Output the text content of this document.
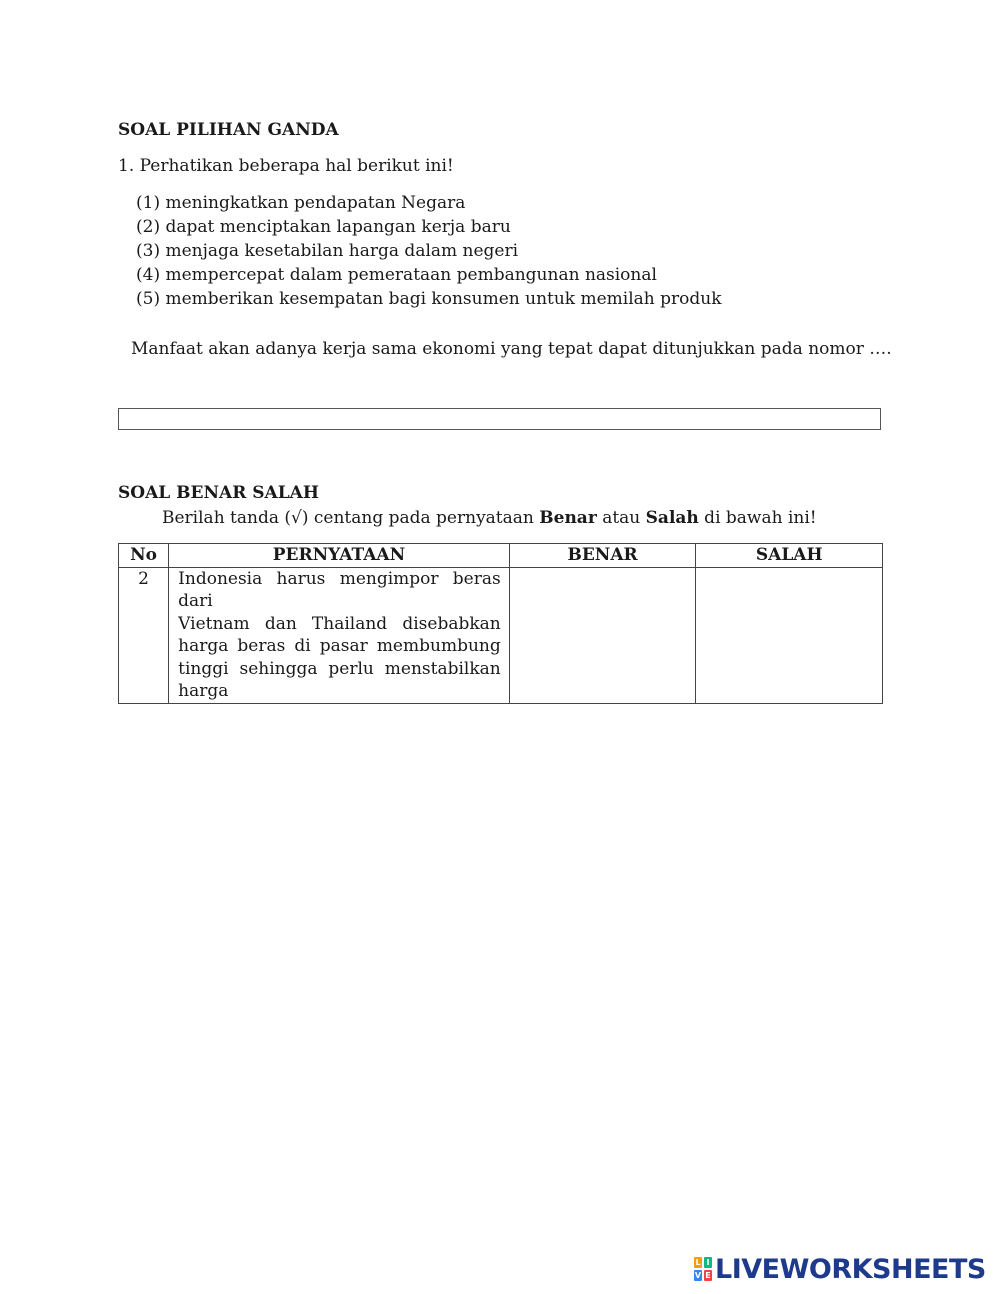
SOAL PILIHAN GANDA
1. Perhatikan beberapa hal berikut ini!
(1) meningkatkan pendapatan Negara
(2) dapat menciptakan lapangan kerja baru
(3) menjaga kesetabilan harga dalam negeri
(4) mempercepat dalam pemerataan pembangunan nasional
(5) memberikan kesempatan bagi konsumen untuk memilah produk
Manfaat akan adanya kerja sama ekonomi yang tepat dapat ditunjukkan pada nomor ….
SOAL BENAR SALAH
Berilah tanda (√) centang pada pernyataan Benar atau Salah di bawah ini!
No	PERNYATAAN	BENAR	SALAH
2	Indonesia harus mengimpor beras dari
Vietnam dan Thailand disebabkan
harga beras di pasar membumbung
tinggi sehingga perlu menstabilkan
harga		

L I
V E LIVEWORKSHEETS
